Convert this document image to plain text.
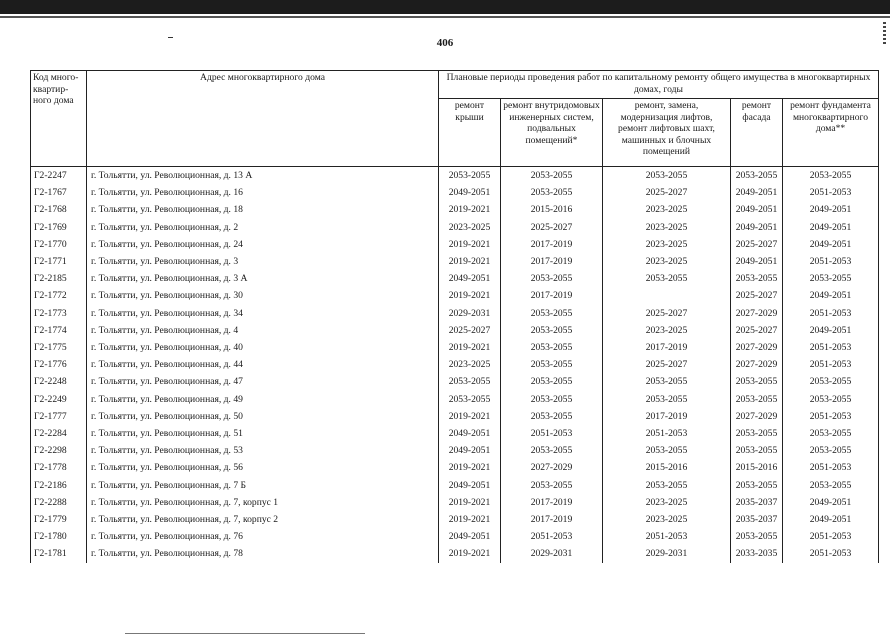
406
Код много-квартир-ного дома	Адрес многоквартирного дома	Плановые периоды проведения работ по капитальному ремонту общего имущества в многоквартирных домах, годы				
		ремонт крыши	ремонт внутридомовых инженерных систем, подвальных помещений*	ремонт, замена, модернизация лифтов, ремонт лифтовых шахт, машинных и блочных помещений	ремонт фасада	ремонт фундамента многоквартирного дома**
Г2-2247	г. Тольятти, ул. Революционная, д. 13 А	2053-2055	2053-2055	2053-2055	2053-2055	2053-2055
Г2-1767	г. Тольятти, ул. Революционная, д. 16	2049-2051	2053-2055	2025-2027	2049-2051	2051-2053
Г2-1768	г. Тольятти, ул. Революционная, д. 18	2019-2021	2015-2016	2023-2025	2049-2051	2049-2051
Г2-1769	г. Тольятти, ул. Революционная, д. 2	2023-2025	2025-2027	2023-2025	2049-2051	2049-2051
Г2-1770	г. Тольятти, ул. Революционная, д. 24	2019-2021	2017-2019	2023-2025	2025-2027	2049-2051
Г2-1771	г. Тольятти, ул. Революционная, д. 3	2019-2021	2017-2019	2023-2025	2049-2051	2051-2053
Г2-2185	г. Тольятти, ул. Революционная, д. 3 А	2049-2051	2053-2055	2053-2055	2053-2055	2053-2055
Г2-1772	г. Тольятти, ул. Революционная, д. 30	2019-2021	2017-2019		2025-2027	2049-2051
Г2-1773	г. Тольятти, ул. Революционная, д. 34	2029-2031	2053-2055	2025-2027	2027-2029	2051-2053
Г2-1774	г. Тольятти, ул. Революционная, д. 4	2025-2027	2053-2055	2023-2025	2025-2027	2049-2051
Г2-1775	г. Тольятти, ул. Революционная, д. 40	2019-2021	2053-2055	2017-2019	2027-2029	2051-2053
Г2-1776	г. Тольятти, ул. Революционная, д. 44	2023-2025	2053-2055	2025-2027	2027-2029	2051-2053
Г2-2248	г. Тольятти, ул. Революционная, д. 47	2053-2055	2053-2055	2053-2055	2053-2055	2053-2055
Г2-2249	г. Тольятти, ул. Революционная, д. 49	2053-2055	2053-2055	2053-2055	2053-2055	2053-2055
Г2-1777	г. Тольятти, ул. Революционная, д. 50	2019-2021	2053-2055	2017-2019	2027-2029	2051-2053
Г2-2284	г. Тольятти, ул. Революционная, д. 51	2049-2051	2051-2053	2051-2053	2053-2055	2053-2055
Г2-2298	г. Тольятти, ул. Революционная, д. 53	2049-2051	2053-2055	2053-2055	2053-2055	2053-2055
Г2-1778	г. Тольятти, ул. Революционная, д. 56	2019-2021	2027-2029	2015-2016	2015-2016	2051-2053
Г2-2186	г. Тольятти, ул. Революционная, д. 7 Б	2049-2051	2053-2055	2053-2055	2053-2055	2053-2055
Г2-2288	г. Тольятти, ул. Революционная, д. 7, корпус 1	2019-2021	2017-2019	2023-2025	2035-2037	2049-2051
Г2-1779	г. Тольятти, ул. Революционная, д. 7, корпус 2	2019-2021	2017-2019	2023-2025	2035-2037	2049-2051
Г2-1780	г. Тольятти, ул. Революционная, д. 76	2049-2051	2051-2053	2051-2053	2053-2055	2051-2053
Г2-1781	г. Тольятти, ул. Революционная, д. 78	2019-2021	2029-2031	2029-2031	2033-2035	2051-2053
